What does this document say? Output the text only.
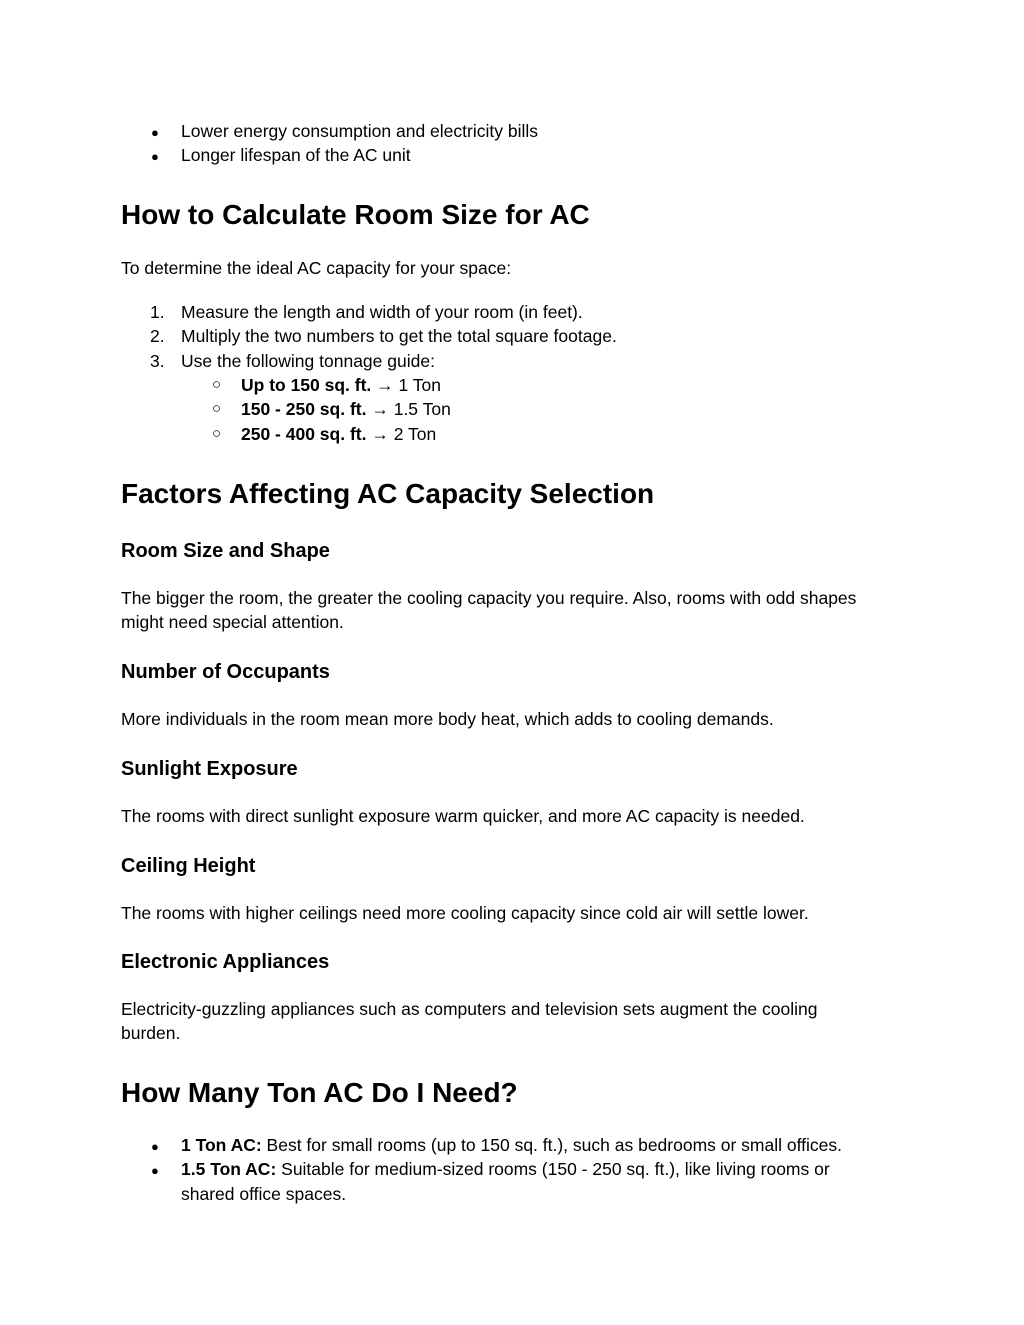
● Lower energy consumption and electricity bills
● Longer lifespan of the AC unit
How to Calculate Room Size for AC

To determine the ideal AC capacity for your space:

1. Measure the length and width of your room (in feet).
2. Multiply the two numbers to get the total square footage.
3. Use the following tonnage guide:
○ Up to 150 sq. ft. → 1 Ton
○ 150 - 250 sq. ft. → 1.5 Ton
○ 250 - 400 sq. ft. → 2 Ton
Factors Affecting AC Capacity Selection
Room Size and Shape

The bigger the room, the greater the cooling capacity you require. Also, rooms with odd shapes

might need special attention.

Number of Occupants

More individuals in the room mean more body heat, which adds to cooling demands.

Sunlight Exposure

The rooms with direct sunlight exposure warm quicker, and more AC capacity is needed.

Ceiling Height

The rooms with higher ceilings need more cooling capacity since cold air will settle lower.

Electronic Appliances

Electricity-guzzling appliances such as computers and television sets augment the cooling

burden.

How Many Ton AC Do I Need?
● 1 Ton AC: Best for small rooms (up to 150 sq. ft.), such as bedrooms or small offices.
● 1.5 Ton AC: Suitable for medium-sized rooms (150 - 250 sq. ft.), like living rooms or
shared office spaces.
